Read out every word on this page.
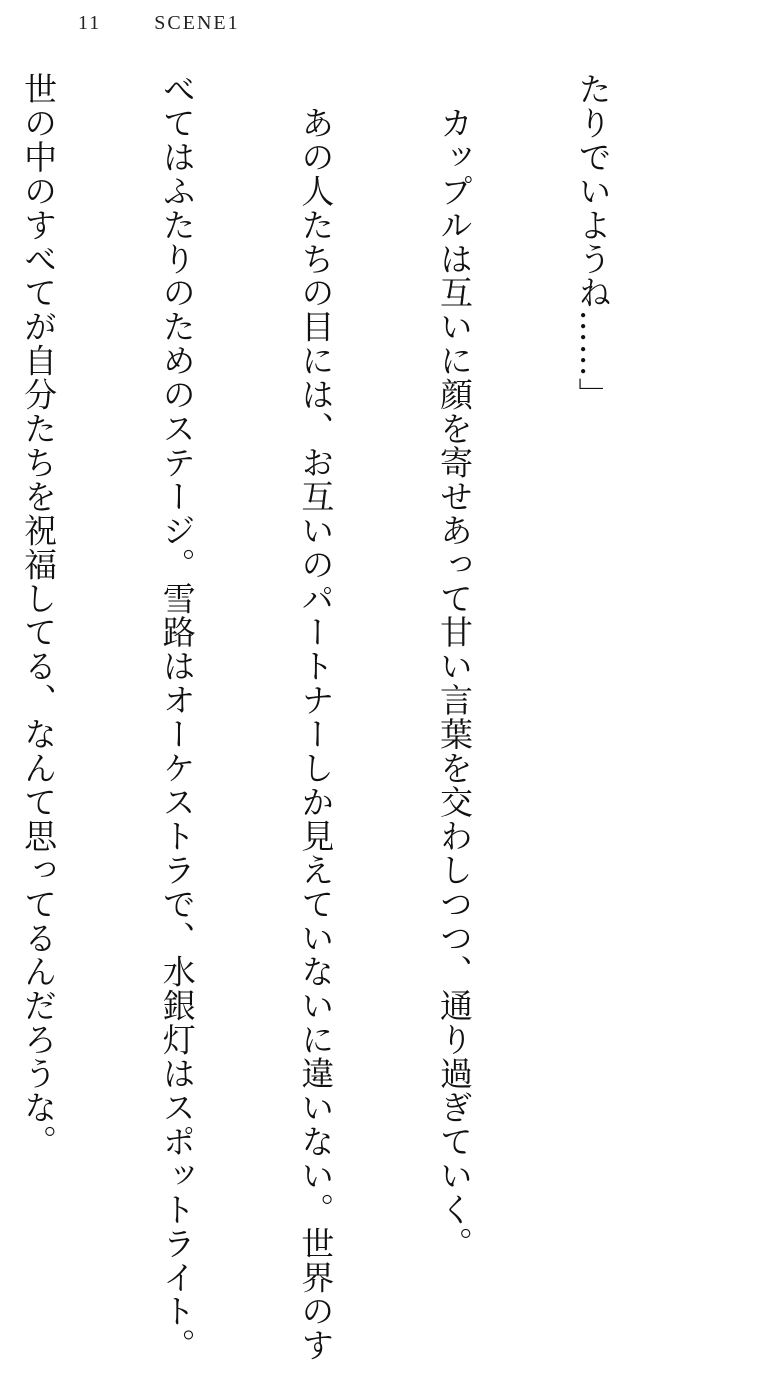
11	SCENE1

たりでいようね……」

　カップルは互いに顔を寄せあって甘い言葉を交わしつつ、通り過ぎていく。

　あの人たちの目には、お互いのパートナーしか見えていないに違いない。世界のす

べてはふたりのためのステージ。雪路はオーケストラで、水銀灯はスポットライト。

世の中のすべてが自分たちを祝福してる、なんて思ってるんだろうな。
